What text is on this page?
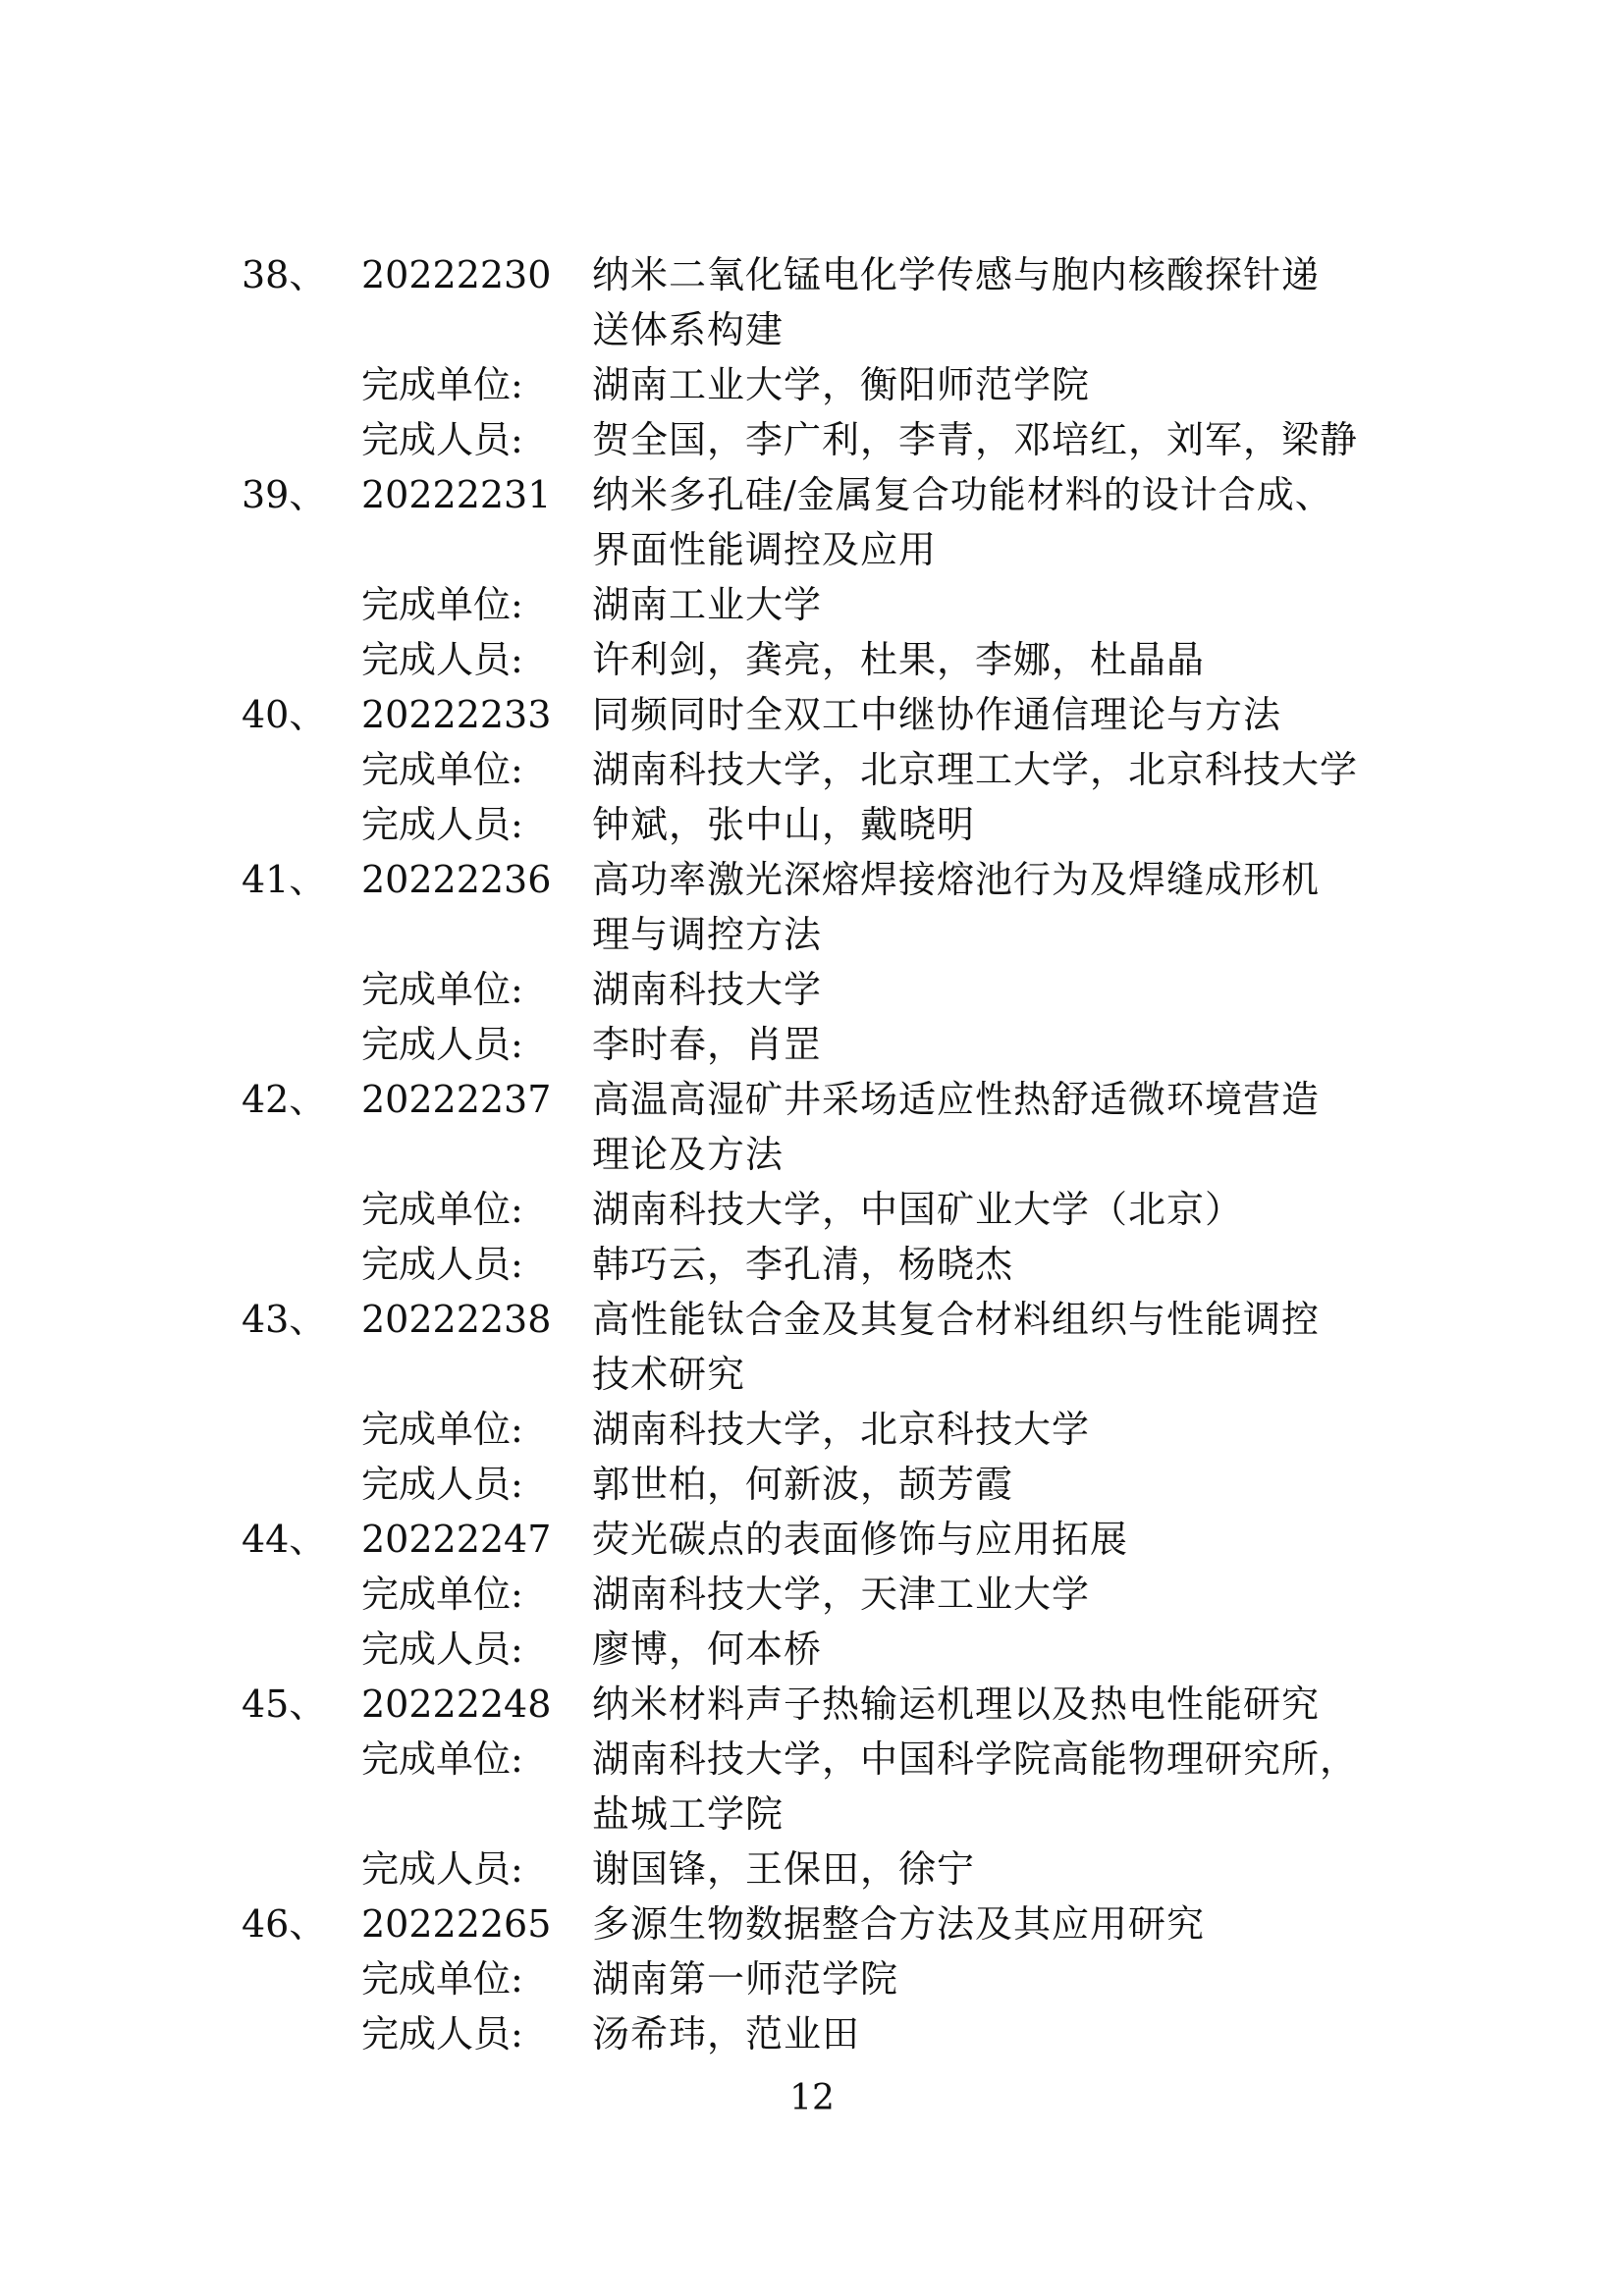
38、 20222230	纳米二氧化锰电化学传感与胞内核酸探针递
送体系构建
完成单位:	湖南工业大学，衡阳师范学院
完成人员:	贺全国，李广利，李青，邓培红，刘军，梁静
39、 20222231	纳米多孔硅/金属复合功能材料的设计合成、
界面性能调控及应用
完成单位:	湖南工业大学
完成人员:	许利剑，龚亮，杜果，李娜，杜晶晶
40、 20222233	同频同时全双工中继协作通信理论与方法
完成单位:	湖南科技大学，北京理工大学，北京科技大学
完成人员:	钟斌，张中山，戴晓明
41、 20222236	高功率激光深熔焊接熔池行为及焊缝成形机
理与调控方法
完成单位:	湖南科技大学
完成人员:	李时春，肖罡
42、 20222237	高温高湿矿井采场适应性热舒适微环境营造
理论及方法
完成单位:	湖南科技大学，中国矿业大学（北京）
完成人员:	韩巧云，李孔清，杨晓杰
43、 20222238	高性能钛合金及其复合材料组织与性能调控
技术研究
完成单位:	湖南科技大学，北京科技大学
完成人员:	郭世柏，何新波，颉芳霞
44、 20222247	荧光碳点的表面修饰与应用拓展
完成单位:	湖南科技大学，天津工业大学
完成人员:	廖博，何本桥
45、 20222248	纳米材料声子热输运机理以及热电性能研究
完成单位:	湖南科技大学，中国科学院高能物理研究所，
盐城工学院
完成人员:	谢国锋，王保田，徐宁
46、 20222265	多源生物数据整合方法及其应用研究
完成单位:	湖南第一师范学院
完成人员:	汤希玮，范业田
12
